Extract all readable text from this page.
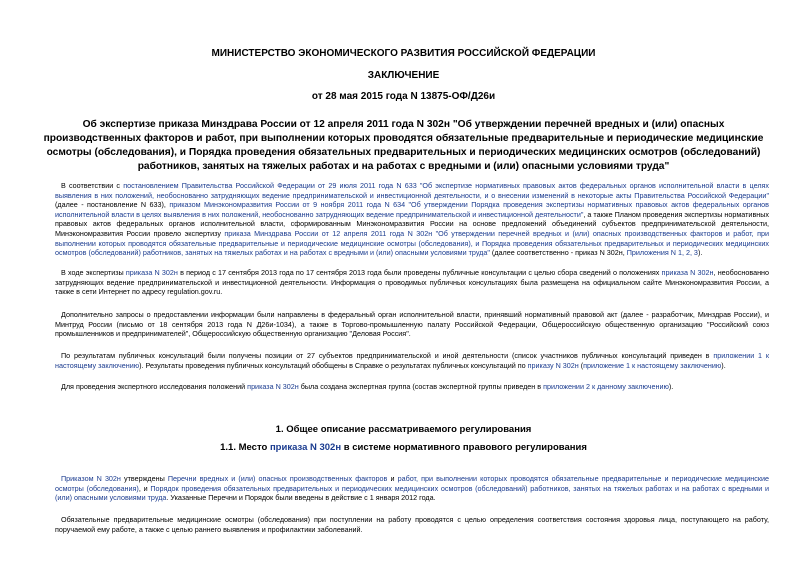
МИНИСТЕРСТВО ЭКОНОМИЧЕСКОГО РАЗВИТИЯ РОССИЙСКОЙ ФЕДЕРАЦИИ
ЗАКЛЮЧЕНИЕ
от 28 мая 2015 года N 13875-ОФ/Д26и
Об экспертизе приказа Минздрава России от 12 апреля 2011 года N 302н "Об утверждении перечней вредных и (или) опасных производственных факторов и работ, при выполнении которых проводятся обязательные предварительные и периодические медицинские осмотры (обследования), и Порядка проведения обязательных предварительных и периодических медицинских осмотров (обследований) работников, занятых на тяжелых работах и на работах с вредными и (или) опасными условиями труда"
В соответствии с постановлением Правительства Российской Федерации от 29 июля 2011 года N 633 "Об экспертизе нормативных правовых актов федеральных органов исполнительной власти в целях выявления в них положений, необоснованно затрудняющих ведение предпринимательской и инвестиционной деятельности, и о внесении изменений в некоторые акты Правительства Российской Федерации" (далее - постановление N 633), приказом Минэкономразвития России от 9 ноября 2011 года N 634 "Об утверждении Порядка проведения экспертизы нормативных правовых актов федеральных органов исполнительной власти в целях выявления в них положений, необоснованно затрудняющих ведение предпринимательской и инвестиционной деятельности", а также Планом проведения экспертизы нормативных правовых актов федеральных органов исполнительной власти, сформированным Минэкономразвития России на основе предложений объединений субъектов предпринимательской деятельности, Минэкономразвития России провело экспертизу приказа Минздрава России от 12 апреля 2011 года N 302н "Об утверждении перечней вредных и (или) опасных производственных факторов и работ, при выполнении которых проводятся обязательные предварительные и периодические медицинские осмотры (обследования), и Порядка проведения обязательных предварительных и периодических медицинских осмотров (обследований) работников, занятых на тяжелых работах и на работах с вредными и (или) опасными условиями труда" (далее соответственно - приказ N 302н, Приложения N 1, 2, 3).
В ходе экспертизы приказа N 302н в период с 17 сентября 2013 года по 17 сентября 2013 года были проведены публичные консультации с целью сбора сведений о положениях приказа N 302н, необоснованно затрудняющих ведение предпринимательской и инвестиционной деятельности. Информация о проводимых публичных консультациях была размещена на официальном сайте Минэкономразвития России, а также в сети Интернет по адресу regulation.gov.ru.
Дополнительно запросы о предоставлении информации были направлены в федеральный орган исполнительной власти, принявший нормативный правовой акт (далее - разработчик, Минздрав России), и Минтруд России (письмо от 18 сентября 2013 года N Д26и-1034), а также в Торгово-промышленную палату Российской Федерации, Общероссийскую общественную организацию "Российский союз промышленников и предпринимателей", Общероссийскую общественную организацию "Деловая Россия".
По результатам публичных консультаций были получены позиции от 27 субъектов предпринимательской и иной деятельности (список участников публичных консультаций приведен в приложении 1 к настоящему заключению). Результаты проведения публичных консультаций обобщены в Справке о результатах публичных консультаций по приказу N 302н (приложение 1 к настоящему заключению).
Для проведения экспертного исследования положений приказа N 302н была создана экспертная группа (состав экспертной группы приведен в приложении 2 к данному заключению).
1. Общее описание рассматриваемого регулирования
1.1. Место приказа N 302н в системе нормативного правового регулирования
Приказом N 302н утверждены Перечни вредных и (или) опасных производственных факторов и работ, при выполнении которых проводятся обязательные предварительные и периодические медицинские осмотры (обследования), и Порядок проведения обязательных предварительных и периодических медицинских осмотров (обследований) работников, занятых на тяжелых работах и на работах с вредными и (или) опасными условиями труда. Указанные Перечни и Порядок были введены в действие с 1 января 2012 года.
Обязательные предварительные медицинские осмотры (обследования) при поступлении на работу проводятся с целью определения соответствия состояния здоровья лица, поступающего на работу, поручаемой ему работе, а также с целью раннего выявления и профилактики заболеваний.
